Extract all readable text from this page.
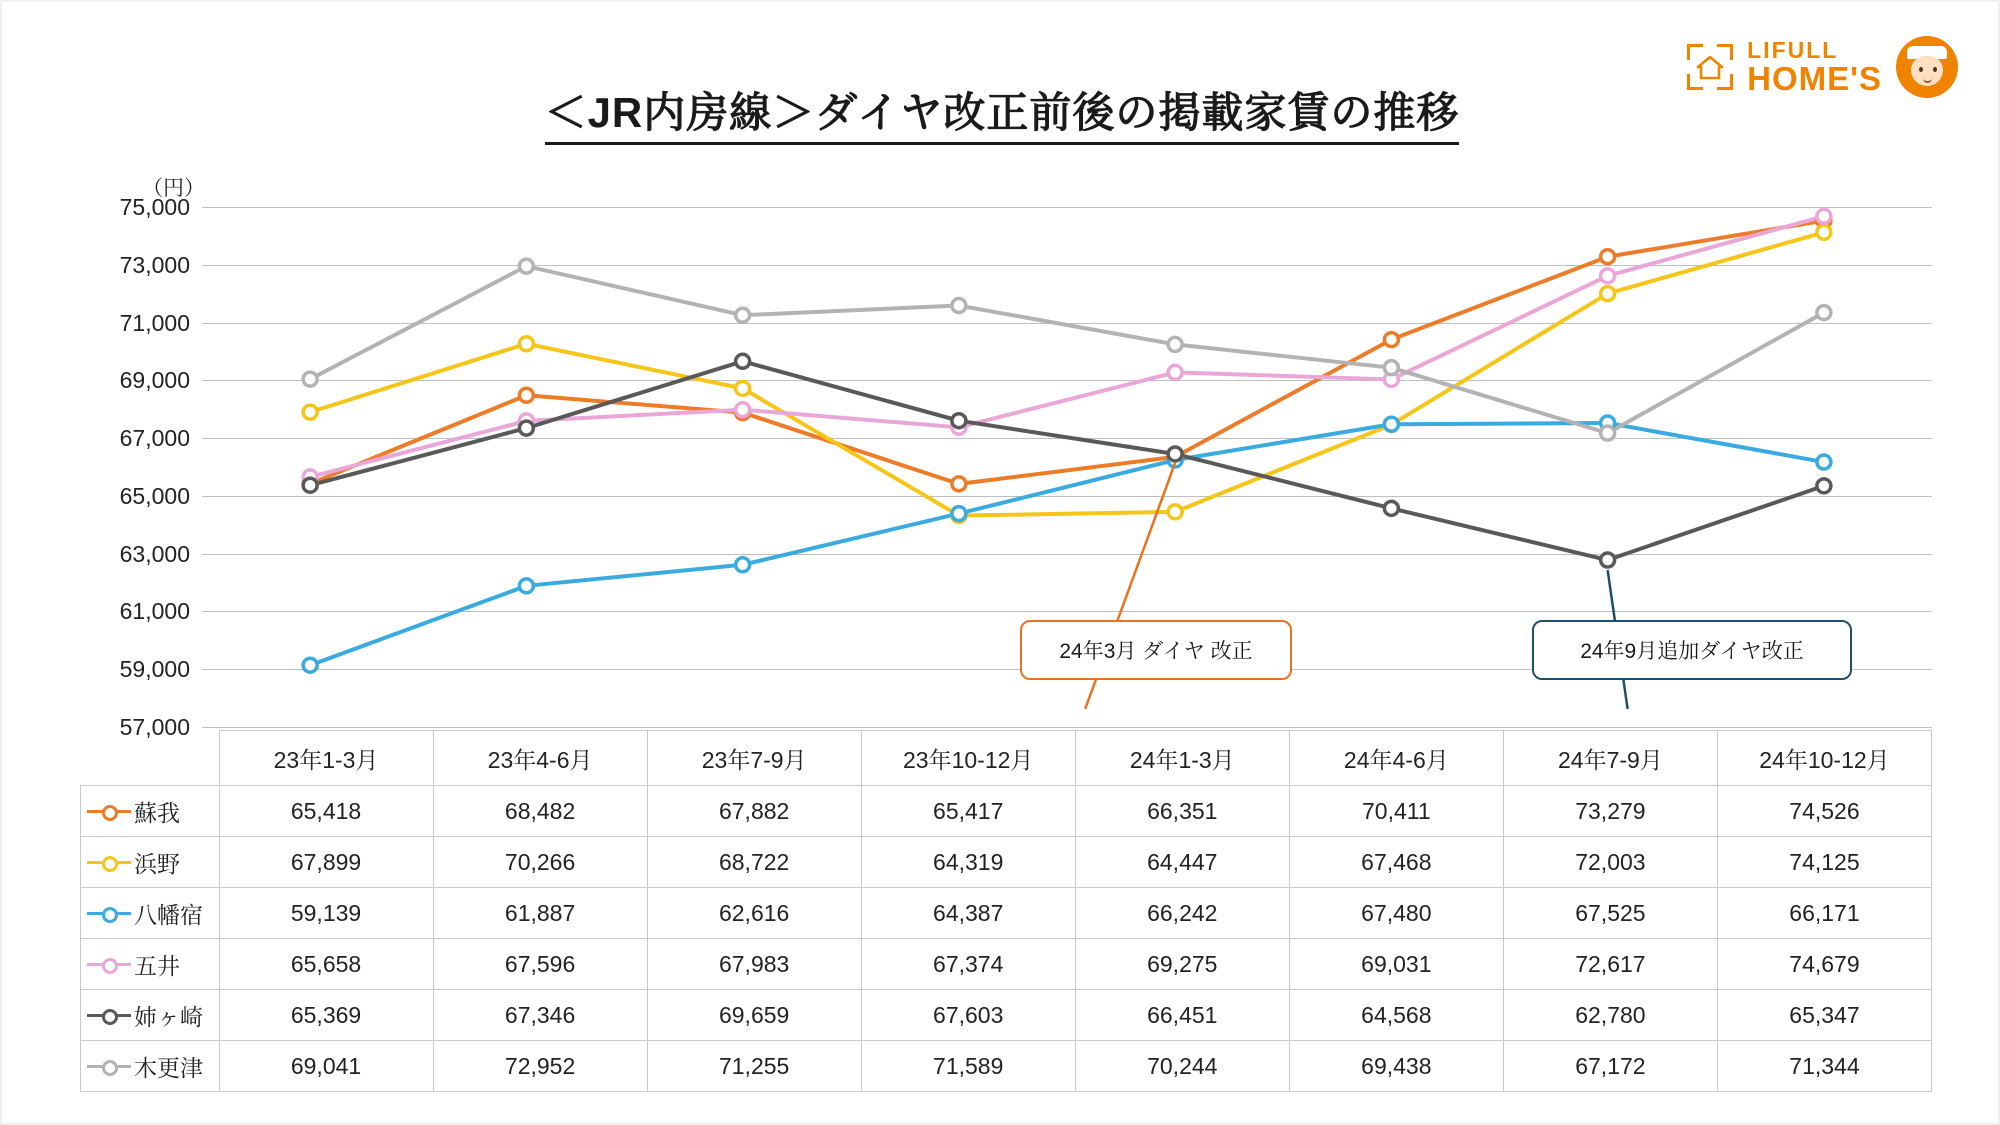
LIFULL
HOME'S
＜JR内房線＞ダイヤ改正前後の掲載家賃の推移
（円）
75,000
73,000
71,000
69,000
67,000
65,000
63,000
61,000
59,000
57,000
24年3月 ダイヤ 改正	24年9月追加ダイヤ改正
	23年1-3月	23年4-6月	23年7-9月	23年10-12月	24年1-3月	24年4-6月	24年7-9月	24年10-12月

蘇我	65,418	68,482	67,882	65,417	66,351	70,411	73,279	74,526

浜野	67,899	70,266	68,722	64,319	64,447	67,468	72,003	74,125

八幡宿	59,139	61,887	62,616	64,387	66,242	67,480	67,525	66,171

五井	65,658	67,596	67,983	67,374	69,275	69,031	72,617	74,679

姉ヶ崎	65,369	67,346	69,659	67,603	66,451	64,568	62,780	65,347

木更津	69,041	72,952	71,255	71,589	70,244	69,438	67,172	71,344
